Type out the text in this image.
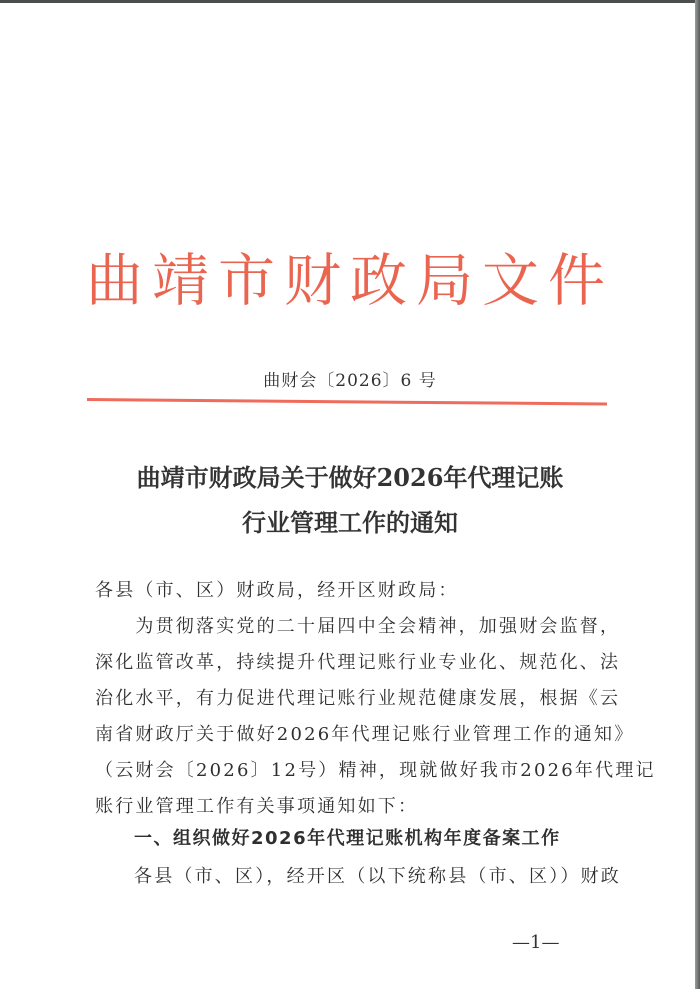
曲靖市财政局文件
曲财会〔2026〕6 号
曲靖市财政局关于做好2026年代理记账
行业管理工作的通知
各县（市、区）财政局，经开区财政局：
　　为贯彻落实党的二十届四中全会精神，加强财会监督，
深化监管改革，持续提升代理记账行业专业化、规范化、法
治化水平，有力促进代理记账行业规范健康发展，根据《云
南省财政厅关于做好2026年代理记账行业管理工作的通知》
（云财会〔2026〕12号）精神，现就做好我市2026年代理记
账行业管理工作有关事项通知如下：
一、组织做好2026年代理记账机构年度备案工作
各县（市、区），经开区（以下统称县（市、区））财政
—1—
